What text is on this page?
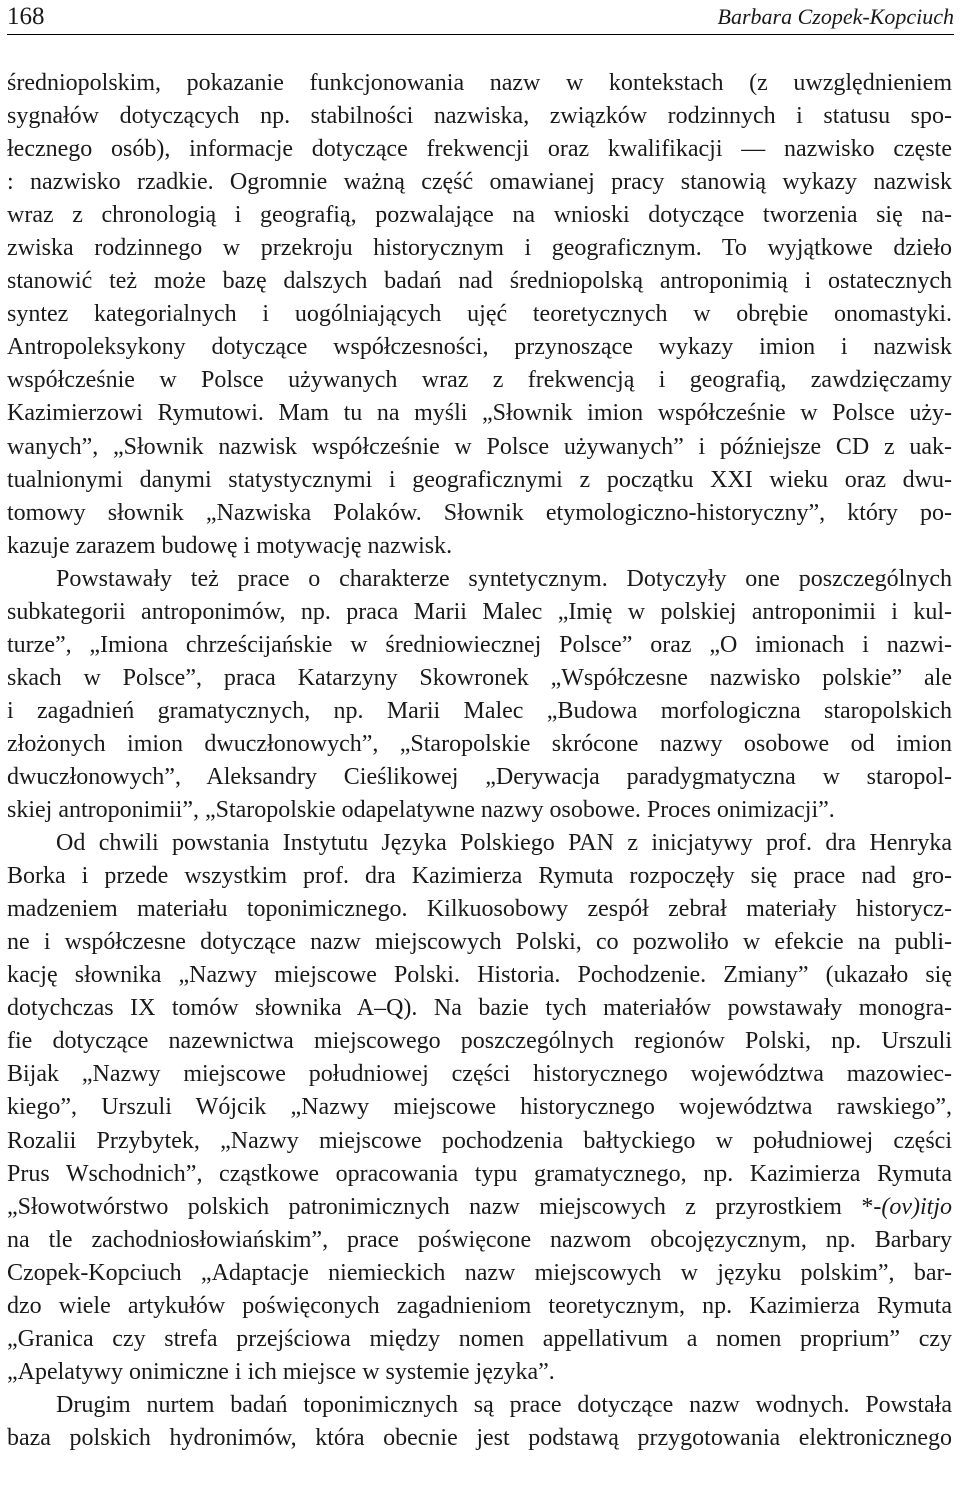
168	Barbara Czopek-Kopciuch
średniopolskim, pokazanie funkcjonowania nazw w kontekstach (z uwzględnieniem
sygnałów dotyczących np. stabilności nazwiska, związków rodzinnych i statusu spo-
łecznego osób), informacje dotyczące frekwencji oraz kwalifikacji — nazwisko częste
: nazwisko rzadkie. Ogromnie ważną część omawianej pracy stanowią wykazy nazwisk
wraz z chronologią i geografią, pozwalające na wnioski dotyczące tworzenia się na-
zwiska rodzinnego w przekroju historycznym i geograficznym. To wyjątkowe dzieło
stanowić też może bazę dalszych badań nad średniopolską antroponimią i ostatecznych
syntez kategorialnych i uogólniających ujęć teoretycznych w obrębie onomastyki.
Antropoleksykony dotyczące współczesności, przynoszące wykazy imion i nazwisk
współcześnie w Polsce używanych wraz z frekwencją i geografią, zawdzięczamy
Kazimierzowi Rymutowi. Mam tu na myśli „Słownik imion współcześnie w Polsce uży-
wanych”, „Słownik nazwisk współcześnie w Polsce używanych” i późniejsze CD z uak-
tualnionymi danymi statystycznymi i geograficznymi z początku XXI wieku oraz dwu-
tomowy słownik „Nazwiska Polaków. Słownik etymologiczno-historyczny”, który po-
kazuje zarazem budowę i motywację nazwisk.
Powstawały też prace o charakterze syntetycznym. Dotyczyły one poszczególnych
subkategorii antroponimów, np. praca Marii Malec „Imię w polskiej antroponimii i kul-
turze”, „Imiona chrześcijańskie w średniowiecznej Polsce” oraz „O imionach i nazwi-
skach w Polsce”, praca Katarzyny Skowronek „Współczesne nazwisko polskie” ale
i zagadnień gramatycznych, np. Marii Malec „Budowa morfologiczna staropolskich
złożonych imion dwuczłonowych”, „Staropolskie skrócone nazwy osobowe od imion
dwuczłonowych”, Aleksandry Cieślikowej „Derywacja paradygmatyczna w staropol-
skiej antroponimii”, „Staropolskie odapelatywne nazwy osobowe. Proces onimizacji”.
Od chwili powstania Instytutu Języka Polskiego PAN z inicjatywy prof. dra Henryka
Borka i przede wszystkim prof. dra Kazimierza Rymuta rozpoczęły się prace nad gro-
madzeniem materiału toponimicznego. Kilkuosobowy zespół zebrał materiały historycz-
ne i współczesne dotyczące nazw miejscowych Polski, co pozwoliło w efekcie na publi-
kację słownika „Nazwy miejscowe Polski. Historia. Pochodzenie. Zmiany” (ukazało się
dotychczas IX tomów słownika A–Q). Na bazie tych materiałów powstawały monogra-
fie dotyczące nazewnictwa miejscowego poszczególnych regionów Polski, np. Urszuli
Bijak „Nazwy miejscowe południowej części historycznego województwa mazowiec-
kiego”, Urszuli Wójcik „Nazwy miejscowe historycznego województwa rawskiego”,
Rozalii Przybytek, „Nazwy miejscowe pochodzenia bałtyckiego w południowej części
Prus Wschodnich”, cząstkowe opracowania typu gramatycznego, np. Kazimierza Rymuta
„Słowotwórstwo polskich patronimicznych nazw miejscowych z przyrostkiem *-(ov)itjo
na tle zachodniosłowiańskim”, prace poświęcone nazwom obcojęzycznym, np. Barbary
Czopek-Kopciuch „Adaptacje niemieckich nazw miejscowych w języku polskim”, bar-
dzo wiele artykułów poświęconych zagadnieniom teoretycznym, np. Kazimierza Rymuta
„Granica czy strefa przejściowa między nomen appellativum a nomen proprium” czy
„Apelatywy onimiczne i ich miejsce w systemie języka”.
Drugim nurtem badań toponimicznych są prace dotyczące nazw wodnych. Powstała
baza polskich hydronimów, która obecnie jest podstawą przygotowania elektronicznego
